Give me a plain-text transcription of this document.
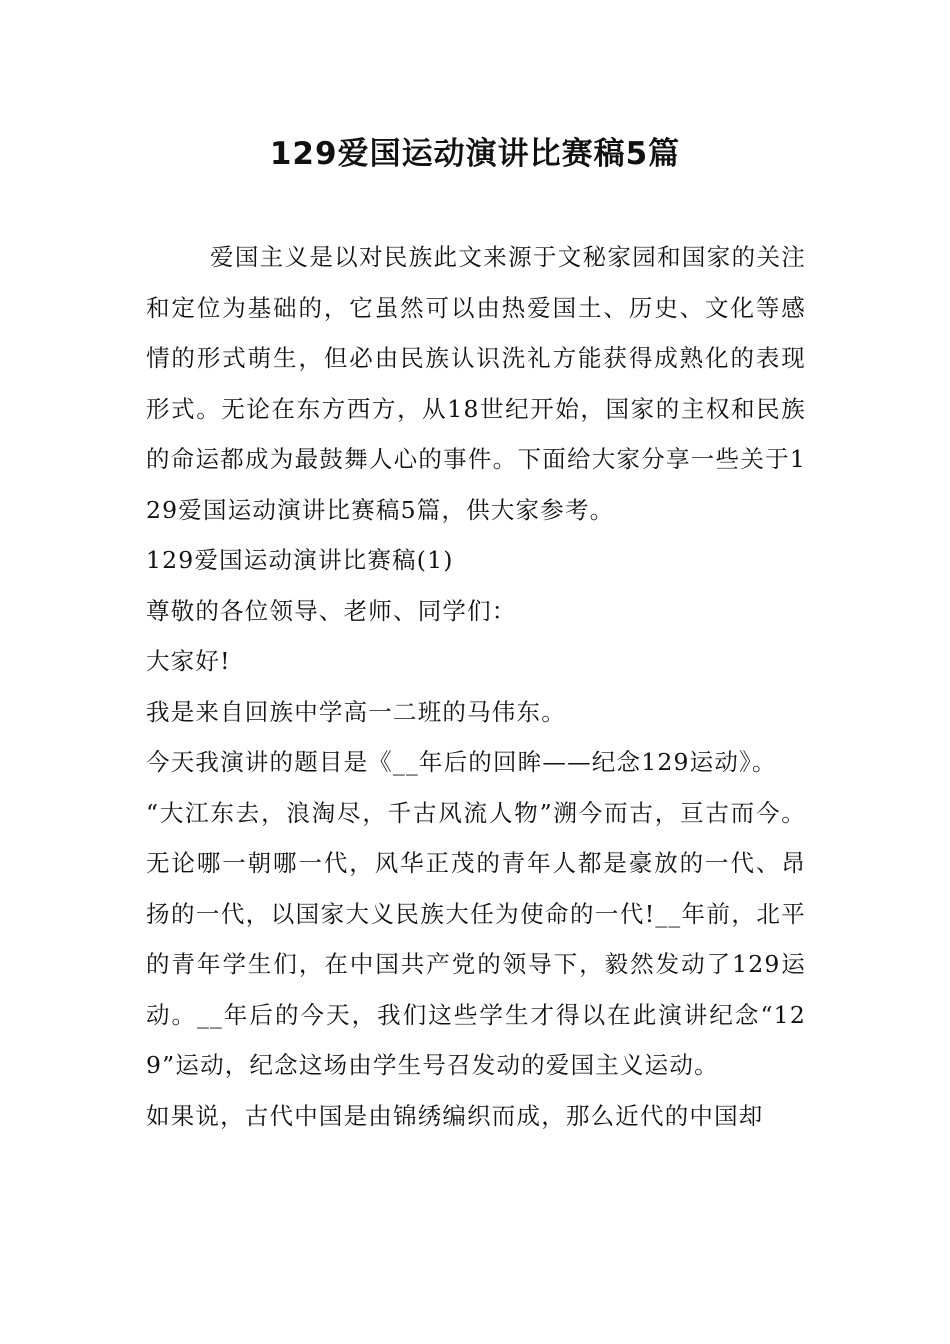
129爱国运动演讲比赛稿5篇

爱国主义是以对民族此文来源于文秘家园和国家的关注和定位为基础的，它虽然可以由热爱国土、历史、文化等感情的形式萌生，但必由民族认识洗礼方能获得成熟化的表现形式。无论在东方西方，从18世纪开始，国家的主权和民族的命运都成为最鼓舞人心的事件。下面给大家分享一些关于129爱国运动演讲比赛稿5篇，供大家参考。

129爱国运动演讲比赛稿(1)

尊敬的各位领导、老师、同学们：

大家好!

我是来自回族中学高一二班的马伟东。

今天我演讲的题目是《__年后的回眸——纪念129运动》。

“大江东去，浪淘尽，千古风流人物”溯今而古，亘古而今。无论哪一朝哪一代，风华正茂的青年人都是豪放的一代、昂扬的一代，以国家大义民族大任为使命的一代!__年前，北平的青年学生们，在中国共产党的领导下，毅然发动了129运动。__年后的今天，我们这些学生才得以在此演讲纪念“129”运动，纪念这场由学生号召发动的爱国主义运动。

如果说，古代中国是由锦绣编织而成，那么近代的中国却
